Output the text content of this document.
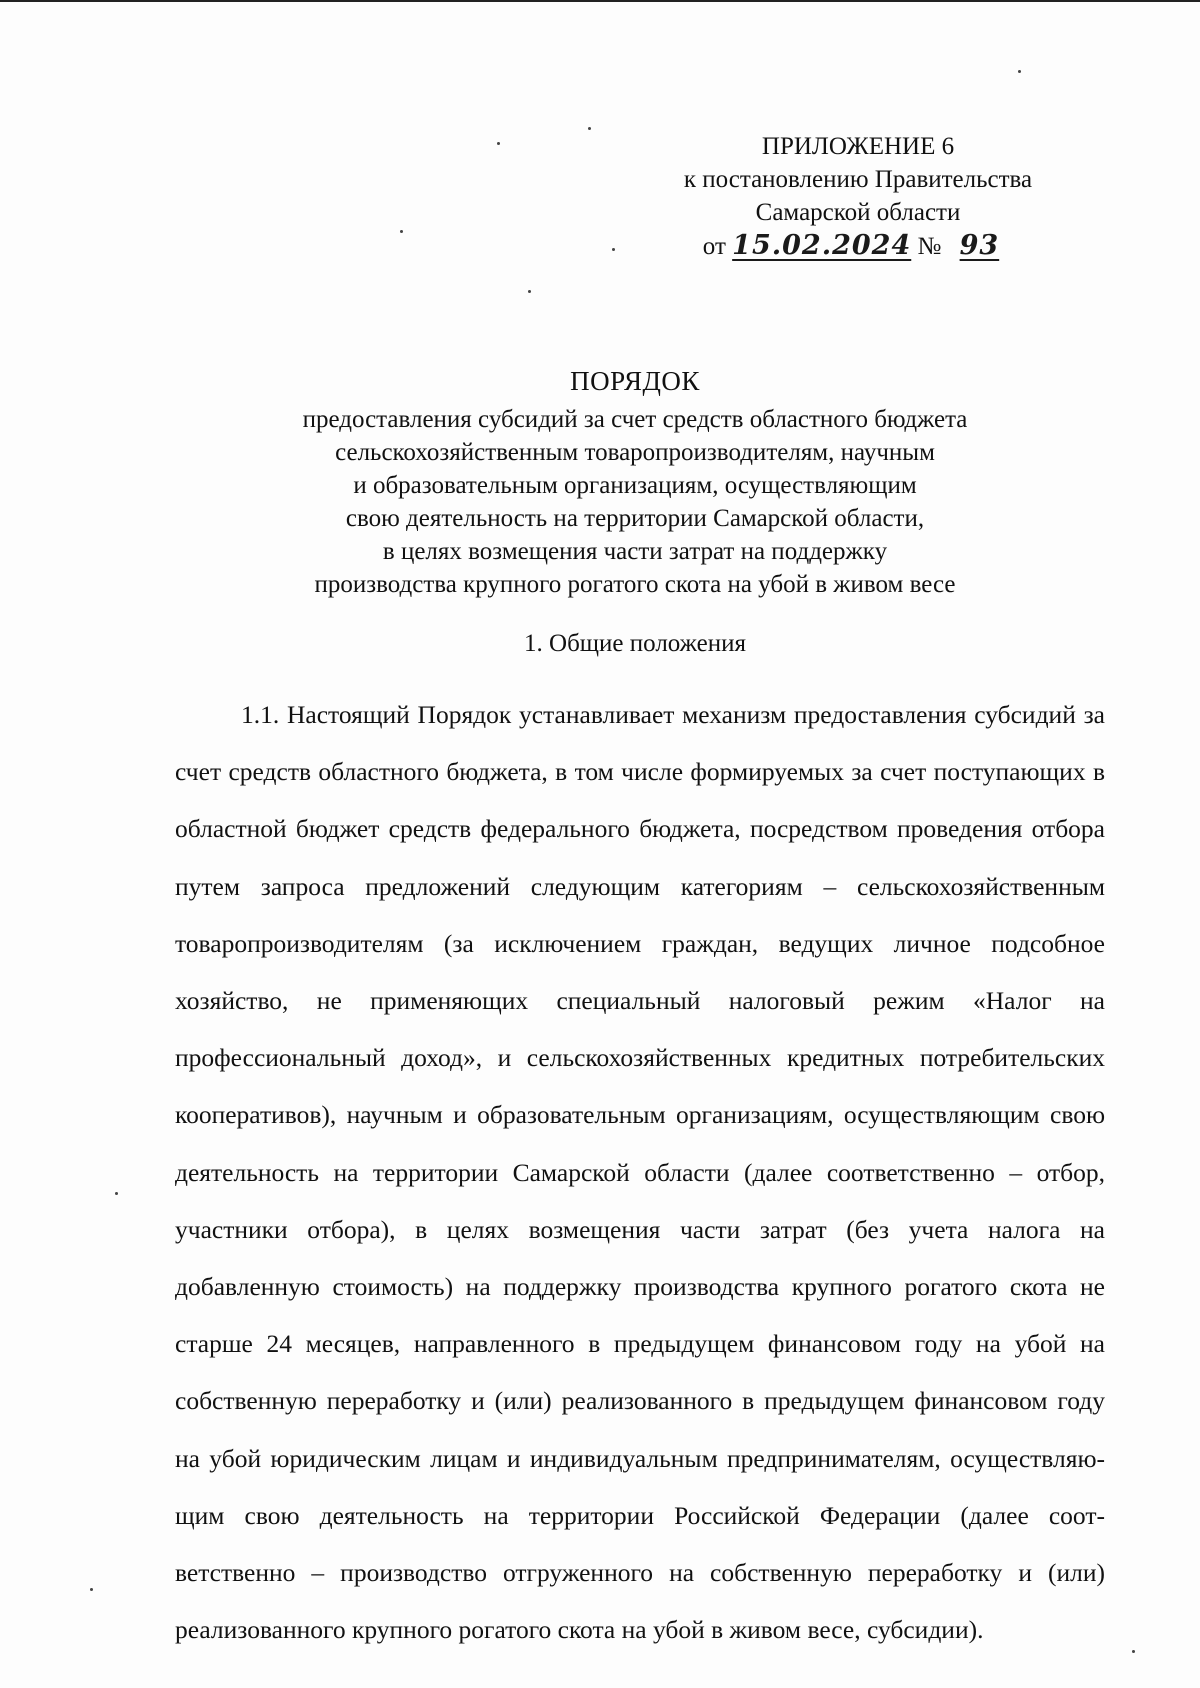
ПРИЛОЖЕНИЕ 6
к постановлению Правительства
Самарской области
от 15.02.2024 № 93
ПОРЯДОК
предоставления субсидий за счет средств областного бюджета
сельскохозяйственным товаропроизводителям, научным
и образовательным организациям, осуществляющим
свою деятельность на территории Самарской области,
в целях возмещения части затрат на поддержку
производства крупного рогатого скота на убой в живом весе
1. Общие положения
1.1. Настоящий Порядок устанавливает механизм предоставления субсидий за счет средств областного бюджета, в том числе формируемых за счет поступающих в областной бюджет средств федерального бюджета, посредством проведения отбора путем запроса предложений следующим категориям – сельскохозяйственным товаропроизводителям (за исключением граждан, ведущих личное подсобное хозяйство, не применяющих специальный налоговый режим «Налог на профессиональный доход», и сельскохозяйственных кредитных потребительских кооперативов), научным и образовательным организациям, осуществляющим свою деятельность на территории Самарской области (далее соответственно – отбор, участники отбора), в целях возмещения части затрат (без учета налога на добавленную стоимость) на поддержку производства крупного рогатого скота не старше 24 месяцев, направленного в предыдущем финансовом году на убой на собственную переработку и (или) реализованного в предыдущем финансовом году на убой юридическим лицам и индивидуальным предпринимателям, осуществляющим свою деятельность на территории Российской Федерации (далее соответственно – производство отгруженного на собственную переработку и (или) реализованного крупного рогатого скота на убой в живом весе, субсидии).
